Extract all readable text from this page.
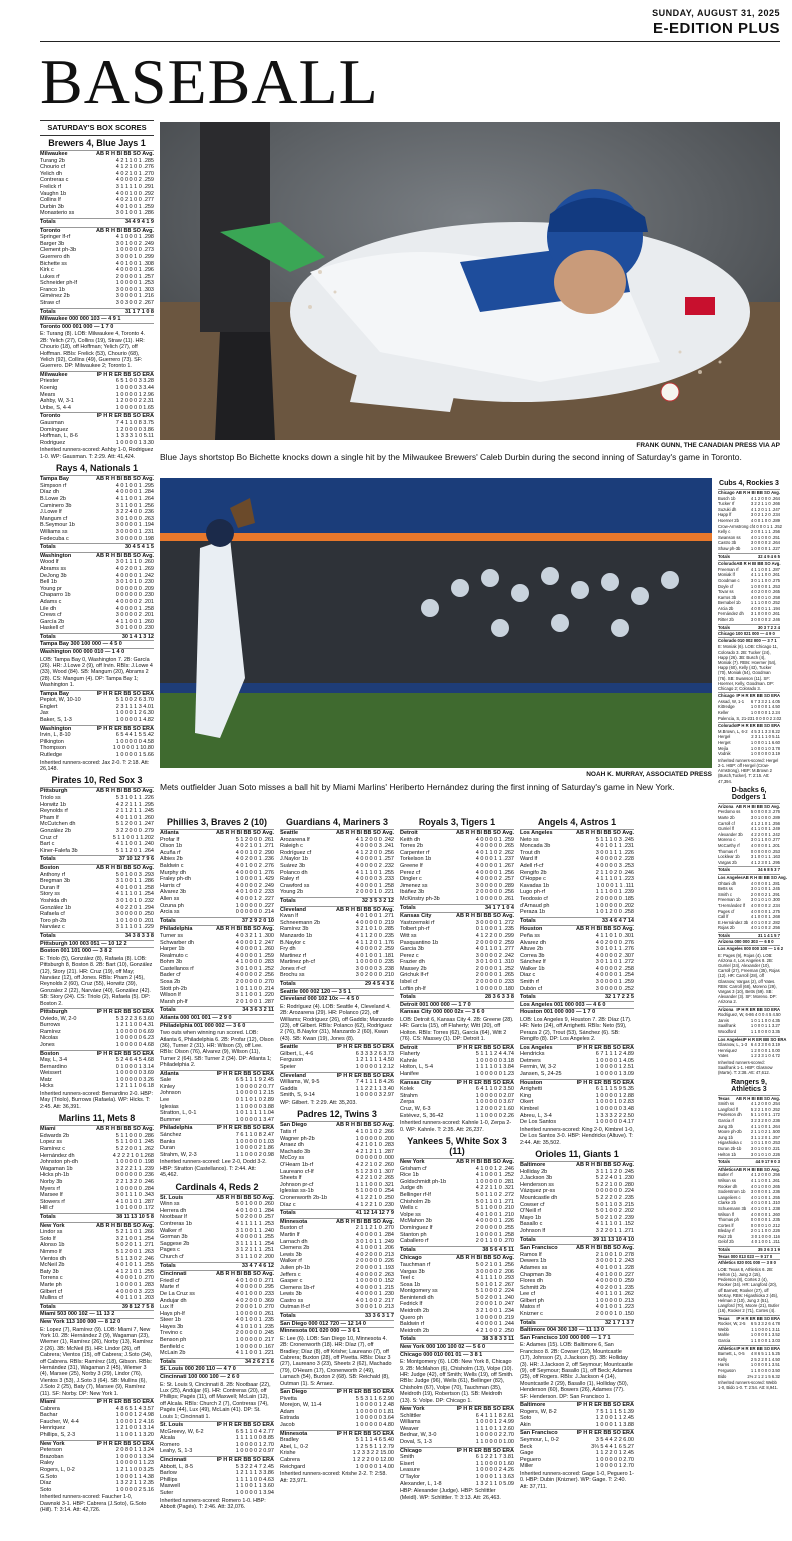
SUNDAY, AUGUST 31, 2025
E-EDITION PLUS
BASEBALL
SATURDAY'S BOX SCORES
FRANK GUNN, THE CANADIAN PRESS VIA AP
Blue Jays shortstop Bo Bichette knocks down a single hit by the Milwaukee Brewers' Caleb Durbin during the second inning of Saturday's game in Toronto.
NOAH K. MURRAY, ASSOCIATED PRESS
Mets outfielder Juan Soto misses a ball hit by Miami Marlins' Heriberto Hernández during the first inning of Saturday's game in New York.
Brewers 4, Blue Jays 1
Milwaukee	AB R H BI BB SO Avg.
Turang 2b	4 2 1 1 0 1 .285
Chourio cf	4 1 2 1 0 0 .276
Yelich dh	4 0 2 1 0 1 .270
Contreras c	4 0 0 0 0 2 .259
Frelick rf	3 1 1 1 1 0 .291
Vaughn 1b	4 0 0 1 0 0 .292
Collins lf	4 0 2 1 0 0 .277
Durbin 3b	4 0 1 0 0 1 .259
Monasterio ss	3 0 1 0 0 1 .286
Totals	34 4 9 4 1 9
Toronto	AB R H BI BB SO Avg.
Springer lf-rf	4 1 0 0 0 1 .298
Barger 3b	3 0 1 0 0 2 .249
Clement ph-3b	1 0 0 0 0 0 .273
Guerrero dh	3 0 0 0 1 0 .299
Bichette ss	4 0 1 0 0 1 .308
Kirk c	4 0 0 0 0 1 .296
Lukes rf	2 0 0 0 0 1 .257
Schneider ph-lf	1 0 0 0 0 1 .253
Franco 1b	3 0 0 0 0 1 .303
Giménez 2b	3 0 0 0 0 1 .216
Straw cf	3 0 3 0 0 2 .267
Totals	31 1 7 1 0 8
Milwaukee 000 000 103 — 4 9 1
Toronto 000 001 000 — 1 7 0
E: Turang (8). LOB: Milwaukee 4, Toronto 4. 2B: Yelich (27), Collins (19), Straw (11). HR: Chourio (18), off Hoffman; Yelich (27), off Hoffman. RBIs: Frelick (53), Chourio (68), Yelich (92), Collins (49), Guerrero (73). SF: Guerrero. DP: Milwaukee 2; Toronto 1.
Milwaukee	IP H R ER BB SO ERA
Priester	6 5 1 0 0 3 3.28
Koenig	1 0 0 0 0 3 3.44
Mears	1 0 0 0 0 1 2.96
Ashby, W, 3-1	1 2 0 0 0 2 2.31
Uribe, S, 4-4	1 0 0 0 0 0 1.65
Toronto	IP H R ER BB SO ERA
Gausman	7 4 1 1 0 8 3.75
Domínguez	1 2 0 0 0 0 3.86
Hoffman, L, 8-6	1 3 3 3 1 0 5.11
Rodriguez	1 0 0 0 0 1 3.30
Inherited runners-scored: Ashby 1-0, Rodriguez 1-0. WP: Gausman. T: 2:29. Att: 41,424.
Rays 4, Nationals 1
Tampa Bay	AB R H BI BB SO Avg.
Simpson rf	4 0 1 0 0 1 .295
Díaz dh	4 0 0 0 0 1 .284
B.Lowe 2b	4 1 1 0 0 1 .264
Caminero 3b	3 1 1 0 0 1 .256
J.Lowe lf	3 2 2 4 0 0 .236
Mangum cf	3 0 1 0 0 0 .263
B.Seymour 1b	3 0 0 0 0 1 .194
Williams ss	3 0 0 0 0 1 .231
Fedecuba c	3 0 0 0 0 0 .198
Totals	30 4 5 4 1 5
Washington	AB R H BI BB SO Avg.
Wood lf	3 0 1 1 1 0 .260
Abrams ss	4 0 2 0 0 1 .269
DeJong 3b	4 0 0 0 0 1 .242
Bell 1b	3 0 1 0 1 0 .230
Young pr	0 0 0 0 0 0 .209
Chaparro 1b	0 0 0 0 0 0 .230
Adams c	4 0 0 0 0 2 .201
Lile dh	4 0 0 0 0 1 .258
Crews cf	3 0 0 0 0 2 .201
García 2b	4 1 1 0 0 1 .260
Haskell cf	3 0 1 0 0 0 .230
Totals	30 1 4 1 3 12
Tampa Bay 300 100 000 — 4 5 0
Washington 000 000 010 — 1 4 0
LOB: Tampa Bay 0, Washington 7. 2B: García (26). HR: J.Lowe 2 (9), off Irvin. RBIs: J.Lowe 4 (33), Wood (84). SB: Mangum (20), Abrams 2 (28). CS: Mangum (4). DP: Tampa Bay 1; Washington 1.
Tampa Bay	IP H R ER BB SO ERA
Pepiot, W, 10-10	5 1 0 0 2 6 3.70
Englert	2 3 1 1 1 3 4.01
Jax	1 0 0 0 1 2 6.30
Baker, S, 1-3	1 0 0 0 0 1 4.82
Washington	IP H R ER BB SO ERA
Irvin, L, 8-10	6 5 4 4 1 5 5.42
Pilkington	1 0 0 0 0 0 4.58
Thompson	1 0 0 0 0 1 10.80
Rutledge	1 0 0 0 0 1 5.66
Inherited runners-scored: Jax 2-0. T: 2:18. Att: 26,148.
Pirates 10, Red Sox 3
Pittsburgh	AB R H BI BB SO Avg.
Triolo ss	5 3 1 0 1 1 .226
Horwitz 1b	4 2 2 1 1 1 .295
Reynolds rf	2 1 1 2 1 1 .245
Pham lf	4 0 1 1 0 1 .260
McCutchen dh	5 1 2 0 0 1 .247
González 2b	3 2 2 0 0 0 .279
Cruz cf	5 1 1 0 0 1 1.202
Bart c	4 1 1 0 0 1 .240
Kiner-Falefa 3b	5 1 1 2 0 1 .264
Totals	37 10 12 7 9 6
Boston	AB R H BI BB SO Avg.
Anthony rf	5 0 1 0 0 3 .293
Bregman 3b	3 1 0 0 1 1 .286
Duran lf	4 0 1 0 0 1 .258
Story ss	4 1 1 1 0 1 .254
Yoshida dh	3 0 1 0 1 0 .232
González 1b	4 0 2 2 0 1 .294
Rafaela cf	3 0 0 0 0 0 .250
Toro ph-2b	1 0 1 0 0 0 .201
Narváez c	3 1 1 1 0 1 .229
Totals	34 3 8 3 3 8
Pittsburgh 100 003 051 — 10 12 2
Boston 001 101 000 — 3 8 2
E: Triolo (5), González (8), Rafaela (8). LOB: Pittsburgh 8, Boston 8. 2B: Bart (10), González (12), Story (21). HR: Cruz (19), off May; Narváez (12), off Jones. RBIs: Pham 2 (45), Reynolds 2 (60), Cruz (55), Horwitz (39), Gonzalez 2 (22), Narváez (40), González (42). SB: Story (24). CS: Triolo (2), Rafaela (5). DP: Boston 2.
Pittsburgh	IP H R ER BB SO ERA
Oviedo, W, 2-0	5 3 2 2 3 6 3.60
Burrows	1 2 1 1 0 0 4.31
Ramírez	1 0 0 0 0 0 6.69
Nicolas	1 0 0 0 0 0 6.23
Jones	1 0 0 0 0 0 4.68
Boston	IP H R ER BB SO ERA
May, L, 3-4	5 2 4 6 4 5 4.68
Bernardino	0 1 0 0 0 1 3.14
Weissert	1 0 0 0 0 0 3.69
Matz	1 0 0 0 0 0 3.26
Hicks	1 2 1 1 1 0 6.18
Inherited runners-scored: Bernardino 2-0. HBP: May (Triolo), Burrows (Rafaela). WP: Hicks. T: 2:45. Att: 36,391.
Marlins 11, Mets 8
Miami	AB R H BI BB SO Avg.
Edwards 2b	5 1 1 0 0 0 .286
Lopez ss	5 1 1 0 0 1 .245
Ramírez c	5 2 2 0 0 1 .262
Hernández dh	4 2 2 2 1 0 1.268
Johnston ph-dh	1 0 0 0 0 0 .198
Wagaman 1b	3 2 2 2 1 1 .239
Hicks ph-1b	0 0 0 0 0 0 .236
Norby 3b	2 2 1 3 2 0 .246
Myers rf	1 0 0 0 0 0 .284
Marsee lf	3 0 1 1 1 0 .343
Stowers rf	4 1 0 1 0 1 .287
Hill cf	1 0 1 0 0 0 .172
Totals	38 11 13 10 5 8
New York	AB R H BI BB SO Avg.
Lindor ss	5 2 1 1 0 1 .266
Soto lf	3 2 1 0 0 1 .254
Alonso 1b	5 0 2 0 1 1 .271
Nimmo lf	5 1 2 0 0 1 .263
Vientos dh	5 1 1 3 0 2 .246
McNeil 2b	4 0 1 0 1 1 .255
Baty 3b	4 1 2 1 0 1 .255
Torrens c	4 0 0 0 1 0 .270
Marte ph	1 0 0 0 0 1 .283
Gilbert cf	4 0 0 0 0 3 .223
Mullins cf	4 0 1 1 0 1 .203
Totals	39 8 12 7 5 8
Miami 503 000 102 — 11 13 2
New York 113 100 000 — 8 12 0
E: Lopez (7), Ramírez (9). LOB: Miami 7, New York 10. 2B: Hernández 2 (9), Wagaman (23), Wiemer (1), Ramírez (26), Norby (13), Ramírez 2 (26). 3B: McNeil (5). HR: Lindor (26), off Cabrera; Vientos (15), off Cabrera; J.Soto (34), off Cabrera. RBIs: Ramírez (18), Gibson. RBIs: Hernández (31), Wagaman 2 (45), Wiemer 3 (4), Marsee (25), Norby 3 (29), Lindor (76), Vientos 3 (53), J.Soto 3 (64). SB: Mullins (6), J.Soto 2 (25), Baty (7), Marsee (9), Ramírez (11). SF: Norby. DP: New York 1.
Miami	IP H R ER BB SO ERA
Cabrera	4 8 6 5 1 4 3.57
Bachar	1 0 0 0 1 2 4.98
Faucher, W, 4-4	1 0 0 0 1 2 4.16
Henriquez	1 2 1 0 0 1 3.14
Phillips, S, 2-3	1 1 0 0 1 1 3.20
New York	IP H R ER BB SO ERA
Peterson	2 0 8 0 1 1 3.24
Brazoban	1 0 0 0 0 1 3.34
Raley	1 0 0 0 0 1 1.23
Rogers, L, 0-2	1 2 1 1 0 0 3.25
G.Soto	1 0 0 0 1 1 4.38
Díaz	1 3 2 2 1 1 2.35
Soto	1 0 0 0 0 2 5.16
Inherited runners-scored: Faucher 1-0, Dawnski 3-1. HBP: Cabrera (J.Soto), G.Soto (Hill). T: 3:14. Att: 42,726.
Phillies 3, Braves 2 (10)
Atlanta	AB R H BI BB SO Avg.
Profar lf	5 1 2 0 0 0 .261
Olson 1b	4 0 2 1 0 1 .271
Acuña rf	4 0 0 1 0 2 .290
Albies 2b	4 0 2 0 0 1 .236
Baldwin c	4 0 1 0 0 2 .276
Murphy dh	4 0 0 0 0 1 .276
Fraley ph-dh	1 0 0 0 0 1 .429
Harris cf	4 0 0 0 0 2 .249
Alvarez 3b	4 0 1 0 0 2 .233
Allen ss	4 0 0 0 1 2 .227
Ozuna ph	1 0 0 0 0 0 .227
Arcia ss	0 0 0 0 0 0 .214
Totals	37 2 9 2 0 10
Philadelphia	AB R H BI BB SO Avg.
Turner ss	4 0 3 2 1 1 .300
Schwarber dh	4 0 0 0 1 2 .247
Harper 1b	4 0 0 0 0 1 .260
Realmuto c	4 0 0 0 0 1 .259
Bohm 3b	4 1 0 0 0 0 .283
Castellanos rf	3 0 1 0 0 1 .252
Bader cf	4 0 0 0 0 2 .256
Sosa 2b	2 0 0 0 0 0 .270
Stott ph-2b	1 0 1 1 0 0 .214
Wilson lf	3 1 1 0 0 1 .220
Marsh ph-lf	2 0 1 0 0 1 .287
Totals	34 3 6 3 2 11
Atlanta 000 001 001 — 2 9 0
Philadelphia 001 000 002 — 3 6 0
Two outs when winning run scored. LOB: Atlanta 6, Philadelphia 6. 2B: Profar (12), Olson (36), Turner 2 (31). HR: Wilson (3), off Lee. RBIs: Olson (76), Alvarez (9), Wilson (11), Turner 2 (64). SB: Turner 2 (34). DP: Atlanta 1; Philadelphia 2.
Atlanta	IP H R ER BB SO ERA
Sale	6 5 1 1 1 9 2.45
Kinley	1 0 0 0 0 2 0.77
Johnson	1 0 0 0 0 1 2.15
Lee	0 1 1 0 1 0 2.89
Iglesias	1 1 0 0 0 0 3.88
Stratton, L, 0-1	1 0 1 1 1 1 1.04
Bummer	1 0 0 0 0 1 3.47
Philadelphia	IP H R ER BB SO ERA
Sánchez	7 6 1 1 0 8 2.47
Banks	1 0 0 0 0 0 1.03
Duran	1 0 0 0 0 2 1.86
Strahm, W, 2-3	1 1 0 0 0 2 0.98
Inherited runners-scored: Lee 2-0, Dodd 3-2. HBP: Stratton (Castellanos). T: 2:44. Att: 45,462.
Cardinals 4, Reds 2
St. Louis	AB R H BI BB SO Avg.
Winn ss	5 0 1 0 0 0 .260
Herrera dh	4 0 1 0 0 1 .284
Nootbaar lf	5 0 2 0 0 0 .257
Contreras 1b	4 1 1 1 1 1 .253
Walker rf	3 1 0 0 1 1 .240
Gorman 3b	4 0 0 0 0 1 .255
Saggese 2b	3 1 1 1 1 1 .254
Pages c	3 1 2 1 1 1 .251
Church cf	3 1 1 1 0 2 .200
Totals	33 4 7 4 6 12
Cincinnati	AB R H BI BB SO Avg.
Friedl cf	4 0 1 0 0 0 .271
Marte rf	4 0 0 0 0 0 .295
De La Cruz ss	4 0 1 0 0 0 .233
Andujar dh	4 0 2 0 0 0 .369
Lux lf	2 0 0 0 1 0 .270
Hays ph-lf	1 0 0 0 0 0 .261
Steer 1b	4 0 1 0 0 1 .235
Hayes 3b	4 1 0 1 0 1 .235
Trevino c	2 0 0 0 0 0 .245
Benson ph	1 0 0 0 0 0 .217
Benfield c	1 0 0 0 0 0 .167
McLain 2b	4 1 1 0 0 1 .221
Totals	34 2 6 2 1 6
St. Louis 000 200 110 — 4 7 0
Cincinnati 100 000 100 — 2 6 0
E: St. Louis 9, Cincinnati 8. 2B: Nootbaar (22), Lux (25), Andújar (6). HR: Contreras (20), off Phillips; Pagés (11), off Maxwell; McLain (12), off Alcala. RBIs: Church 2 (7), Contreras (74), Pagés (44), Lux (49), McLain (41). DP: St. Louis 1; Cincinnati 1.
St. Louis	IP H R ER BB SO ERA
McGreevy, W, 6-2	6 5 1 1 0 4 2.77
Alcala	1 1 1 1 0 0 8.85
Romero	1 0 0 0 0 1 2.70
Leahy, S, 1-3	1 0 0 0 0 2 0.97
Cincinnati	IP H R ER BB SO ERA
Abbott, L, 8-5	5 3 2 2 4 7 2.45
Barlow	1 2 1 1 1 3 3.86
Phillips	1 1 1 1 0 0 4.63
Maxwell	1 1 0 0 1 1 3.60
Suter	1 0 0 0 0 1 3.94
Inherited runners-scored: Romero 1-0. HBP: Abbott (Pagés). T: 2:46. Att: 32,076.
Guardians 4, Mariners 3
Seattle	AB R H BI BB SO Avg.
Arozarena lf	4 1 2 0 0 0 .242
Raleigh c	4 0 0 0 0 3 .241
Rodríguez cf	4 1 2 2 0 0 .256
J.Naylor 1b	4 0 0 0 0 1 .257
Suárez 3b	4 0 0 0 0 2 .232
Polanco dh	4 1 1 1 0 1 .255
Raley rf	4 0 0 0 0 3 .233
Crawford ss	4 0 0 0 0 1 .258
Young 2b	2 0 0 0 1 0 .221
Totals	32 3 5 3 2 12
Cleveland	AB R H BI BB SO Avg.
Kwan lf	4 0 1 0 0 1 .271
Schneemann 2b	4 0 0 0 0 0 .219
Ramírez 3b	3 2 1 0 1 0 .285
Manzardo 1b	4 1 1 2 0 0 .235
B.Naylor c	4 1 1 2 0 1 .176
Fry dh	4 0 0 0 0 2 .259
Martinez rf	4 0 1 0 0 1 .181
Martinez ph-cf	1 0 0 0 0 0 .235
Jones rf-cf	3 0 0 0 0 3 .238
Brochu ss	3 0 2 0 0 0 .210
Totals	29 4 5 4 3 6
Seattle 000 002 120 — 3 5 1
Cleveland 000 102 10x — 4 5 0
E: Rodríguez (4). LOB: Seattle 4, Cleveland 4. 2B: Arozarena (29). HR: Polanco (22), off Williams; Rodríguez (26), off Gaddis; Manzardo (23), off Gilbert. RBIs: Polanco (62), Rodríguez 2 (76), B.Naylor (31), Manzardo 2 (60), Kwan (43). SB: Kwan (19), Jones (8).
Seattle	IP H R ER BB SO ERA
Gilbert, L, 4-6	6 3 3 3 2 6 3.73
Ferguson	1 2 1 1 1 1 4.50
Speier	1 0 0 0 0 1 2.12
Cleveland	IP H R ER BB SO ERA
Williams, W, 9-5	7 4 1 1 1 8 4.26
Gaddis	1 1 2 2 1 1 3.40
Smith, S, 9-14	1 0 0 0 0 3 2.97
WP: Gilbert. T: 2:29. Att: 35,203.
Padres 12, Twins 3
San Diego	AB R H BI BB SO Avg.
Tatis rf	4 1 0 1 0 2 .266
Wagner ph-2b	1 0 0 0 0 0 .200
Arraez dh	4 2 1 0 1 0 .283
Machado 3b	4 2 1 2 1 1 .287
McCoy ss	0 0 0 0 0 0 .000
O'Hearn 1b-rf	4 2 2 1 0 2 .260
Laureano cf-lf	5 1 2 3 0 1 .307
Sheets lf	4 2 2 1 0 2 .265
Johnson pr-cf	1 1 1 0 0 0 .321
Iglesias ss-1b	5 1 0 0 0 0 .254
Cronenworth 2b-1b	4 1 2 2 1 0 .250
Díaz c	4 1 2 2 1 0 .230
Totals	41 12 14 12 7 9
Minnesota	AB R H BI BB SO Avg.
Buxton cf	2 1 1 2 1 0 .270
Martin lf	4 0 0 0 0 1 .284
Larnach dh	3 0 1 0 1 1 .249
Clemens 2b	4 1 0 0 0 1 .206
Lewis 3b	4 0 2 0 0 0 .213
Walker rf	2 0 0 0 0 0 .226
Julien ph-1b	2 0 0 0 0 1 .193
Jeffers c	4 0 0 0 0 2 .263
Gasper c	1 0 0 0 0 0 .152
Clemens 1b-rf	4 0 0 0 0 1 .215
Lewis 3b	4 0 0 0 0 1 .230
Castro ss	4 0 1 0 0 2 .217
Outman lf-cf	3 0 0 0 1 0 .213
Totals	33 3 6 3 1 7
San Diego 000 012 720 — 12 14 0
Minnesota 001 020 000 — 3 6 1
E: Lee (6). LOB: San Diego 10, Minnesota 4. 2B: Cronenworth (18). HR: Díaz (7), off Bradley; Díaz (8), off Krishe; Laureano (7), off Cabrera; Buxton (28), off Pivetta. RBIs: Díaz 3 (27), Laureano 3 (23), Sheets 2 (62), Machado (79), O'Hearn (17), Cronenworth 2 (49), Larnach (54), Buxton 2 (68). SB: Reichald (8), Outman (1). S: Arraez.
San Diego	IP H R ER BB SO ERA
Pivetta	5 5 3 1 1 6 2.90
Morejon, W, 11-4	1 0 0 0 0 1 2.48
Adam	1 0 0 0 0 0 1.81
Estrada	1 0 0 0 0 0 3.64
Jacob	1 0 0 0 0 0 4.80
Minnesota	IP H R ER BB SO ERA
Bradley	5 1 1 1 4 6 5.40
Abel, L, 0-2	1 2 5 5 1 1 2.79
Krishe	1 2 3 3 2 2 15.00
Cabrera	1 2 2 2 0 0 12.00
Reichgard	1 0 0 0 0 1 4.00
Inherited runners-scored: Krishe 2-2. T: 2:58. Att: 23,971.
Royals 3, Tigers 1
Detroit	AB R H BI BB SO Avg.
Keith dh	4 0 0 0 0 1 .259
Torres 2b	4 0 0 0 0 0 .265
Carpenter rf	4 0 1 1 0 2 .262
Torkelson 1b	4 0 0 0 1 1 .237
Greene lf	4 0 0 0 0 1 .267
Perez cf	4 0 0 0 0 1 .256
Dingler c	4 0 0 0 0 2 .257
Jimenez ss	3 0 0 0 0 0 .289
Ibáñez 3b	2 0 0 0 0 0 .256
McKinstry ph-3b	1 0 0 0 0 0 .261
Totals	34 1 7 1 0 4
Kansas City	AB R H BI BB SO Avg.
Yastrzemski rf	3 0 0 0 0 1 .272
Tolbert ph-rf	0 1 0 0 0 1 .235
Witt ss	4 1 2 2 0 0 .299
Pasquantino 1b	2 0 0 0 0 2 .259
Garcia 3b	4 0 1 1 0 1 .277
Perez c	3 0 0 0 0 2 .242
Frazier dh	3 0 1 0 0 1 .310
Massey 2b	2 0 0 0 0 1 .252
Grichuk lf-rf	2 0 0 0 0 1 .265
Isbel cf	2 0 0 0 0 0 .233
Loftin ph-lf	1 0 0 0 0 0 .180
Totals	28 3 6 3 3 8
Detroit 001 000 000 — 1 7 0
Kansas City 000 000 02x — 3 6 0
LOB: Detroit 6, Kansas City 4. 2B: Greene (28). HR: García (15), off Flaherty; Witt (20), off Holton. RBIs: Torres (62), García (64), Witt 2 (76). CS: Massey (1). DP: Detroit 1.
Detroit	IP H R ER BB SO ERA
Flaherty	5 1 1 1 2 4 4.74
Kahnle	1 0 0 0 0 0 3.18
Holton, L, 5-4	1 1 1 1 0 1 3.84
Hanifee	1 0 0 0 0 0 1.23
Kansas City	IP H R ER BB SO ERA
Kolek	6 4 1 1 0 2 3.50
Strahm	1 0 0 0 0 0 2.07
Zerpa	1 0 0 0 0 0 3.67
Cruz, W, 6-3	1 2 0 0 0 2 1.60
Estévez, S, 36-42	1 1 0 0 0 0 2.26
Inherited runners-scored: Kahnle 1-0, Zerpa 2-0. WP: Kahnle. T: 2:35. Att: 26,237.
Yankees 5, White Sox 3 (11)
New York	AB R H BI BB SO Avg.
Grisham cf	4 1 0 0 1 2 .246
Rice 1b	4 1 0 0 0 1 .252
Goldschmidt ph-1b	1 0 0 0 0 0 .281
Judge dh	4 2 2 1 1 0 .321
Bellinger rf-lf	5 0 1 1 0 2 .272
Chisholm 2b	5 0 1 1 0 1 .271
Wells c	5 1 1 0 0 0 .210
Volpe ss	4 0 1 0 0 1 .210
McMahon 3b	4 0 0 0 0 1 .226
Domínguez lf	2 0 0 0 0 0 .255
Stanton ph	1 0 0 0 0 1 .258
Caballero rf	2 0 1 1 0 0 .270
Totals	38 5 6 4 5 11
Chicago	AB R H BI BB SO Avg.
Tauchman rf	5 0 2 1 0 1 .256
Vargas 3b	3 0 0 0 0 2 .206
Teel c	4 1 1 1 1 0 .293
Sosa 1b	5 0 1 0 1 2 .267
Montgomery ss	5 1 0 0 0 2 .224
Benintendi dh	5 0 2 0 0 1 .240
Fedrick lf	2 0 0 0 1 0 .247
Meidroth 2b	3 2 1 0 0 1 .234
Quero ph	1 0 0 0 0 0 .219
Baldwin rf	4 0 0 0 0 1 .244
Meidroth 2b	4 2 1 0 0 2 .250
Totals	38 3 8 3 3 11
New York 000 100 100 02 — 5 6 0
Chicago 000 010 001 01 — 3 8 1
E: Montgomery (6). LOB: New York 8, Chicago 9. 2B: McMahon (6), Chisholm (13), Volpe (10). HR: Judge (42), off Smith; Wells (19), off Smith. RBIs: Judge (96), Wells (61), Bellinger (82), Chisholm (67), Volpe (70), Tauchman (35), Meidroth (19), Robertson (1). SB: Meidroth (13). S: Volpe. DP: Chicago 1.
New York	IP H R ER BB SO ERA
Schlittler	6 4 1 1 1 8 2.61
Williams	1 0 0 0 1 2 4.99
Weaver	1 1 1 0 1 1 2.60
Bednar, W, 3-0	1 0 0 0 0 2 2.70
Doval, S, 1-3	1 1 0 0 0 0 1.00
Chicago	IP H R ER BB SO ERA
Smith	6 1 2 2 1 7 3.81
Eisert	1 1 0 0 0 0 1.60
Leasure	1 0 0 0 0 2 4.26
O'Taylor	1 0 0 0 1 1 3.63
Alexander, L, 1-8	1 3 2 1 1 0 5.09
HBP: Alexander (Judge). HBP: Schlittler (Meidl). WP: Schlittler. T: 3:13. Att: 26,463.
Angels 4, Astros 1
Los Angeles	AB R H BI BB SO Avg.
Neto ss	5 1 1 1 0 3 .245
Moncada 3b	4 0 1 0 1 1 .231
Trout dh	3 0 0 1 1 1 .226
Ward lf	4 0 0 0 0 2 .228
Adell rf-cf	4 0 0 0 0 3 .253
Rengifo 2b	2 1 1 0 2 0 .246
O'Hoppe c	4 1 1 1 0 1 .223
Kavadas 1b	1 0 0 0 1 1 .111
Lugo ph-rf	1 1 1 0 0 1 .239
Teodosio cf	2 0 0 0 0 0 .185
d'Arnaud ph	1 0 0 0 0 0 .202
Peraza 1b	1 0 1 2 0 0 .258
Totals	33 4 6 4 7 14
Houston	AB R H BI BB SO Avg.
Peña ss	4 1 1 0 1 0 .301
Alvarez dh	4 0 2 0 0 0 .276
Altuve 2b	3 0 1 0 1 1 .276
Correa 3b	4 0 0 0 0 2 .307
Sánchez lf	3 0 1 1 0 1 .272
Walker 1b	4 0 0 0 0 2 .258
Diaz c	4 0 0 0 0 1 .254
Smith rf	3 0 0 0 0 1 .259
Dubón cf	3 0 0 0 0 0 .252
Totals	32 1 7 2 2 5
Los Angeles 001 000 003 — 4 6 0
Houston 001 000 000 — 1 7 0
LOB: Los Angeles 9, Houston 7. 2B: Díaz (17). HR: Neto (24), off Arrighetti. RBIs: Neto (59), Peraza 2 (2), Trout (53), Sánchez (6). SB: Rengifo (8). DP: Los Angeles 2.
Los Angeles	IP H R ER BB SO ERA
Hendricks	6 7 1 1 1 2 4.89
Detmers	1 0 0 0 0 1 4.05
Fermin, W, 3-2	1 0 0 0 0 1 2.51
Jansen, S, 24-25	1 0 0 0 0 1 3.09
Houston	IP H R ER BB SO ERA
Arrighetti	6 1 1 1 5 9 5.35
King	1 0 0 0 0 1 2.88
Okert	1 0 0 0 1 0 2.83
Kimbrel	1 0 0 0 0 0 3.48
Abreu, L, 3-4	1 3 3 3 2 2 2.50
De Los Santos	1 0 0 0 0 0 4.17
Inherited runners-scored: King 2-0, Kimbrel 1-0, De Los Santos 3-0. HBP: Hendricks (Altuve). T: 2:44. Att: 35,502.
Orioles 11, Giants 1
Baltimore	AB R H BI BB SO Avg.
Holliday 2b	3 1 1 1 2 0 .245
J.Jackson 3b	5 2 2 4 0 1 .230
Henderson ss	5 2 2 1 0 0 .280
Vázquez pr-ss	0 0 0 0 0 0 .224
Mountcastle dh	5 2 2 2 0 2 .235
Cowser cf	5 0 1 1 0 3 .215
O'Neill rf	5 0 1 0 0 2 .202
Mayo 1b	5 0 2 1 0 2 .239
Basallo c	4 1 1 1 0 1 .152
Johnson lf	3 2 2 0 1 1 .271
Totals	39 11 13 10 4 10
San Francisco	AB R H BI BB SO Avg.
Ramos lf	2 1 0 0 1 0 .278
Dewers 1b	3 0 0 0 1 2 .243
Adames ss	4 0 1 0 0 1 .228
Chapman 3b	4 0 1 0 0 0 .227
Flores dh	4 0 0 0 0 0 .259
Schmitt 2b	4 0 2 0 0 1 .235
Lee cf	4 0 1 1 0 1 .262
Gilbert ph	1 0 0 0 0 0 .213
Matos rf	4 0 1 0 0 1 .223
Knizner c	2 0 0 0 1 0 .150
Totals	32 1 7 1 3 7
Baltimore 004 300 130 — 11 13 0
San Francisco 100 000 000 — 1 7 1
E: Adames (15). LOB: Baltimore 6, San Francisco 8. 2B: Cowser (12), Mountcastle (17), Johnson (2), J.Jackson (5). 3B: Holliday (3). HR: J.Jackson 2, off Seymour; Mountcastle (9), off Seymour; Basallo (1), off Beck; Adames (25), off Rogers. RBIs: J.Jackson 4 (14), Mountcastle 2 (29), Basallo (1), Holliday (50), Henderson (60), Bowers (26), Adames (77). SF: Henderson. DP: San Francisco 1.
Baltimore	IP H R ER BB SO ERA
Rogers, W, 8-2	7 5 1 1 1 5 1.39
Soto	1 2 0 0 1 1 2.45
Akin	1 0 0 0 1 1 3.88
San Francisco	IP H R ER BB SO ERA
Seymour, L, 0-2	3 5 4 4 2 2 6.00
Beck	3⅔ 5 4 4 1 6 5.27
Gage	1 1 2 2 0 1 2.45
Peguero	1 0 0 0 0 0 2.70
Miller	1 0 0 0 0 1 2.70
Inherited runners-scored: Gage 1-0, Peguero 1-0. HBP: Dubin (Knizner). WP: Gage. T: 2:40. Att: 37,711.
Cubs 4, Rockies 3
Chicago AB R H BI BB SO Avg.
Busch 1b	4 1 2 0 0 0 .264
Tucker rf	3 2 2 1 1 0 .266
Suzuki dh	4 1 2 0 1 1 .247
Happ lf	3 0 2 1 2 0 .234
Hoerner 2b	4 0 0 1 0 0 .289
Crow-Armstrong cf 4 0 0 0 1 1 .252
Kelly c	2 0 0 1 1 1 .256
Swanson ss 4 0 1 0 0 0 .251
Castro 3b	3 0 0 0 0 2 .264
Shaw ph-3b	1 0 0 0 0 1 .227
Totals	32 4 9 4 6 5
Colorado AB R H BI BB SO Avg.
Freeman rf	4 1 1 0 0 1 .287
Moniak lf	4 1 1 1 0 0 .261
Goodman c	3 0 1 1 0 0 .275
Doyle cf	1 0 0 0 0 1 .253
Tovar ss	4 0 2 0 0 0 .265
Karros 3b	4 0 0 0 1 0 .258
Bernabel 1b 1 1 1 0 0 0 .252
Arcia 2b	4 0 0 0 1 1 .194
Fernández dh 3 1 0 0 0 0 .261
Ritter 2b	3 0 0 0 0 2 .246
Totals	30 3 7 2 2 4
Chicago 100 021 000 — 4 9 0
Colorado 010 002 000 — 3 7 1
E: Moniak (6). LOB: Chicago 11, Colorado 3. 2B: Tucker (24), Happ (26). 3B: Busch (4), Moniak (7). RBIs: Hoerner (54), Happ (60), Kelly (43), Tucker (70), Moniak (54), Goodman (76). SB: Swanson (11). SF: Hoerner, Kelly, Goodman. DP: Chicago 2; Colorado 3.
Chicago IP H R ER BB SO ERA
Assad, W, 1-1 6 7 3 3 2 1 4.05
Kittredge	1 0 0 0 0 1 4.50
Keller	1 0 0 0 0 1 2.24
Palencia, S, 21-23 1 0 0 0 0 2 2.02
Colorado IP H R ER BB SO ERA
M.Brown, L, 6-2 4 5 3 1 3 3 8.22
Hergel	2 3 1 1 1 0 5.11
Herget	1 0 0 0 1 1 6.60
Mejía	1 0 0 0 1 0 3.78
Vodnik	1 0 0 0 0 0 3.19
Inherited runners-scored: Hergel 2-1. HBP: off Hergel (Crow-Armstrong). HBP: M.Brown 2 (Busch,Tucker). T: 2:15. Att: 47,394.
D-backs 6, Dodgers 1
Arizona AB R H BI BB SO Avg.
Perdomo ss	5 0 0 0 0 3 .276
Marte 2b	3 0 1 0 0 0 .289
Carroll cf	4 1 2 1 0 1 .256
Gurriel lf	4 1 1 0 0 1 .249
Alexander 3b 4 2 2 0 0 1 .242
Moreno c	3 0 1 1 0 0 .277
McCarthy rf	4 0 0 0 0 1 .201
Thomas rf	0 0 0 0 0 0 .253
Locklear 1b	3 1 0 0 1 1 .163
Vargas 2b	4 1 2 3 0 1 .295
Totals	34 6 8 5 3 7
Los Angeles AB R H BI BB SO Avg.
Ohtani dh	4 0 0 0 0 1 .281
Betts ss	3 0 1 0 0 1 .245
Smith c	2 0 0 0 2 1 .291
Freeman 1b 3 0 1 0 1 0 .300
T.Hernández lf 4 0 0 0 0 2 .234
Pages cf	4 0 0 0 0 1 .275
Call lf	4 1 0 0 0 1 .268
E.Hernández 3b 4 0 1 0 0 2 .282
Rojas 2b	4 0 1 0 0 2 .256
Totals	31 1 4 1 5 7
Arizona 000 000 303 — 6 8 0
Los Angeles 000 000 100 — 1 6 2
E: Pages (9), Rojas (4). LOB: Arizona 4, Los Angeles 8. 2B: Gurriel (24), Alexander (10), Carroll (27), Freeman (35), Rojas (12). HR: Carroll (28), off Glasnow; Vargas (2), off Yates. RBIs: Carroll (68), Moreno (29), Vargas 3 (10), Betts (59). SB: Alexander (3). SF: Moreno. DP: Arizona 2.
Arizona IP H R ER BB SO ERA
Rodriguez, W, 6-8 6 4 0 0 4 5 4.50
Jarvis	1 0 1 1 0 0 4.35
Saalfrank	1 0 0 0 1 1 3.27
Woodford	1 1 0 0 0 0 3.35
Los Angeles IP H R ER BB SO ERA
Glasnow, L, 1-3 6 4 3 3 0 6 3.19
Henriquez	1 2 0 0 0 1 0.00
Yates	1 2 3 3 1 0 4.72
Inherited runners-scored: Saalfrank 1-1. HBP: Glasnow (Marte). T: 2:38. Att: 47,612.
Rangers 9, Athletics 3
Texas AB R H BI BB SO Avg.
Smith ss	4 1 2 0 0 0 .254
Langford lf	5 2 2 1 0 0 .252
Pederson dh 5 1 1 0 0 1 .172
Garcia rf	3 2 3 2 0 0 .236
Jung 3b	4 1 1 0 0 1 .264
Moore ph-2b 2 1 1 0 2 1 .500
Jung 1b	3 1 1 2 0 1 .257
Higashioka c 1 0 1 1 0 0 .253
Duran 2b-1b 3 0 1 0 0 0 .221
Helton 1b	3 0 1 0 1 0 .226
Totals	44 9 17 9 0 3
Athletics AB R H BI BB SO Avg.
Butler rf	4 1 2 0 0 0 .256
Wilson ss	4 1 1 0 0 1 .261
Rooker dh	4 0 1 0 0 0 .265
Soderstrom 1b 3 0 0 0 0 1 .236
Langeliers c 4 0 1 0 0 1 .255
Clarke 2b	4 0 1 0 0 1 .310
Schuemann 3b 4 0 1 0 0 1 .238
Wilson lf	4 0 0 0 0 1 .260
Thomas ph	0 0 0 0 0 1 .235
Cortes lf	0 0 0 0 1 0 .212
Bleday rf	2 0 1 1 0 0 .226
Ruiz 2b	3 0 1 0 0 0 .116
Gelof 2b	4 0 1 0 0 1 .211
Totals	35 3 6 3 1 9
Texas 000 013 023 — 9 17 0
Athletics 020 001 000 — 3 8 0
LOB: Texas 8, Athletics 6. 2B: Helton (1), Jung 2 (15), Pederson (8), Cortes 2 (4), Rooker (34). HR: Langford (20), off Barnett; Rooker (27), off McKay. RBIs: Higashioka 2 (45), Helman 2 (10), Jung 2 (51), Langford (70), Moore (21), Butler (16), Rooker 2 (71), Cortes (4).
Texas IP H R ER BB SO ERA
Rocker, W, 2-5 6 5 3 3 2 6 4.78
Webb	1 1 0 0 0 1 3.11
Mahle	1 0 0 0 0 1 3.52
Garcia	1 1 0 0 0 1 3.03
Athletics IP H R ER BB SO ERA
Barnett, L, 0-5 4 8 6 5 1 1 5.25
Kelly	2 5 2 2 0 1 4.50
Harris	1 0 0 0 0 1 3.51
Ferguson	1 1 0 0 0 0 3.50
Bido	2⅓ 2 1 2 1 5 6.32
Inherited runners-scored: Webb 1-0, Bido 1-0. T: 2:54. Att: 8,941.
